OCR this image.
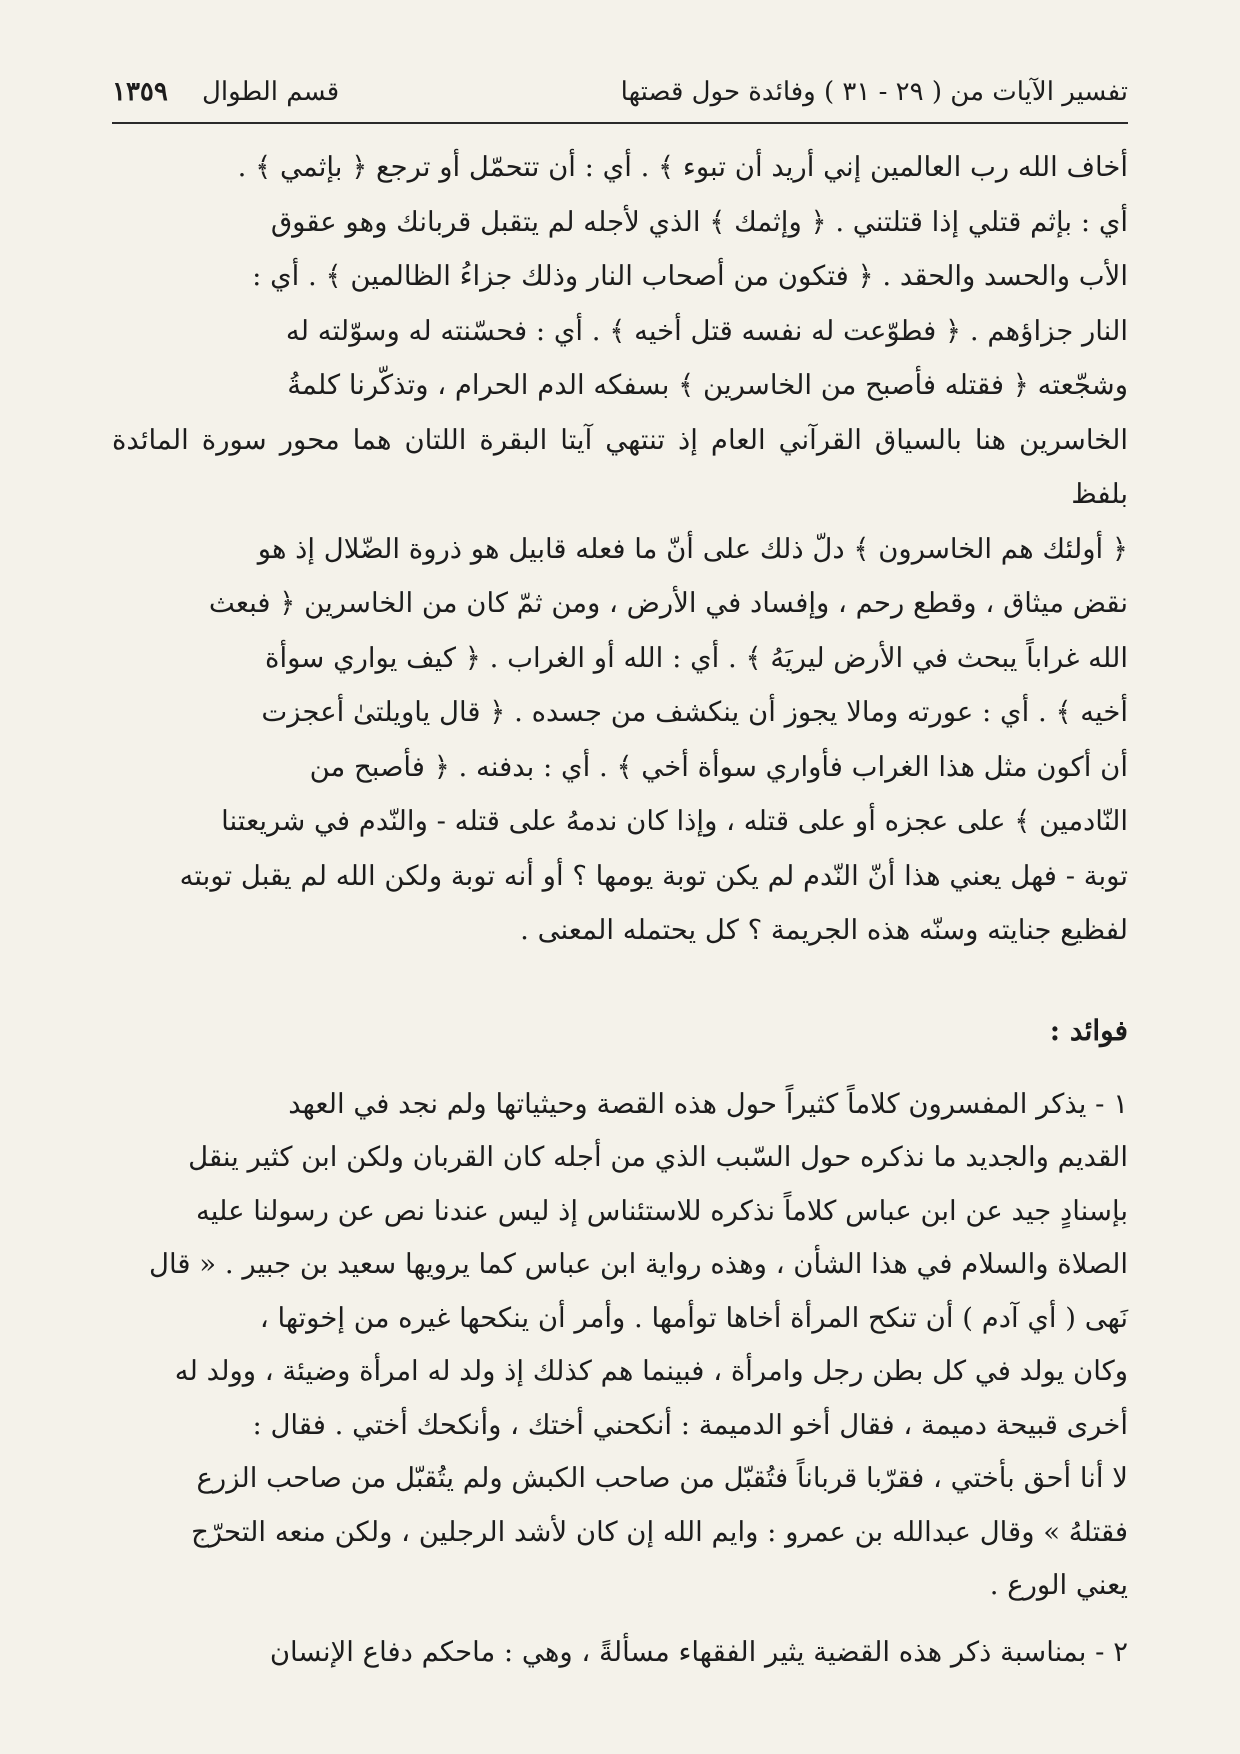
تفسير الآيات من ( ٢٩ - ٣١ ) وفائدة حول قصتها
قسم الطوال
١٣٥٩
أخاف الله رب العالمين إني أريد أن تبوء ﴾ . أي : أن تتحمّل أو ترجع ﴿ بإثمي ﴾ .
أي : بإثم قتلي إذا قتلتني . ﴿ وإثمك ﴾ الذي لأجله لم يتقبل قربانك وهو عقوق
الأب والحسد والحقد . ﴿ فتكون من أصحاب النار وذلك جزاءُ الظالمين ﴾ . أي :
النار جزاؤهم . ﴿ فطوّعت له نفسه قتل أخيه ﴾ . أي : فحسّنته له وسوّلته له
وشجّعته ﴿ فقتله فأصبح من الخاسرين ﴾ بسفكه الدم الحرام ، وتذكّرنا كلمةُ
الخاسرين هنا بالسياق القرآني العام إذ تنتهي آيتا البقرة اللتان هما محور سورة المائدة بلفظ
﴿ أولئك هم الخاسرون ﴾ دلّ ذلك على أنّ ما فعله قابيل هو ذروة الضّلال إذ هو
نقض ميثاق ، وقطع رحم ، وإفساد في الأرض ، ومن ثمّ كان من الخاسرين ﴿ فبعث
الله غراباً يبحث في الأرض ليريَهُ ﴾ . أي : الله أو الغراب . ﴿ كيف يواري سوأة
أخيه ﴾ . أي : عورته ومالا يجوز أن ينكشف من جسده . ﴿ قال ياويلتىٰ أعجزت
أن أكون مثل هذا الغراب فأواري سوأة أخي ﴾ . أي : بدفنه . ﴿ فأصبح من
النّادمين ﴾ على عجزه أو على قتله ، وإذا كان ندمهُ على قتله - والنّدم في شريعتنا
توبة - فهل يعني هذا أنّ النّدم لم يكن توبة يومها ؟ أو أنه توبة ولكن الله لم يقبل توبته
لفظيع جنايته وسنّه هذه الجريمة ؟ كل يحتمله المعنى .
فوائد :
١ - يذكر المفسرون كلاماً كثيراً حول هذه القصة وحيثياتها ولم نجد في العهد
القديم والجديد ما نذكره حول السّبب الذي من أجله كان القربان ولكن ابن كثير ينقل
بإسنادٍ جيد عن ابن عباس كلاماً نذكره للاستئناس إذ ليس عندنا نص عن رسولنا عليه
الصلاة والسلام في هذا الشأن ، وهذه رواية ابن عباس كما يرويها سعيد بن جبير . « قال
نَهى ( أي آدم ) أن تنكح المرأة أخاها توأمها . وأمر أن ينكحها غيره من إخوتها ،
وكان يولد في كل بطن رجل وامرأة ، فبينما هم كذلك إذ ولد له امرأة وضيئة ، وولد له
أخرى قبيحة دميمة ، فقال أخو الدميمة : أنكحني أختك ، وأنكحك أختي . فقال :
لا أنا أحق بأختي ، فقرّبا قرباناً فتُقبّل من صاحب الكبش ولم يتُقبّل من صاحب الزرع
فقتلهُ » وقال عبدالله بن عمرو : وايم الله إن كان لأشد الرجلين ، ولكن منعه التحرّج
يعني الورع .
٢ - بمناسبة ذكر هذه القضية يثير الفقهاء مسألةً ، وهي : ماحكم دفاع الإنسان
